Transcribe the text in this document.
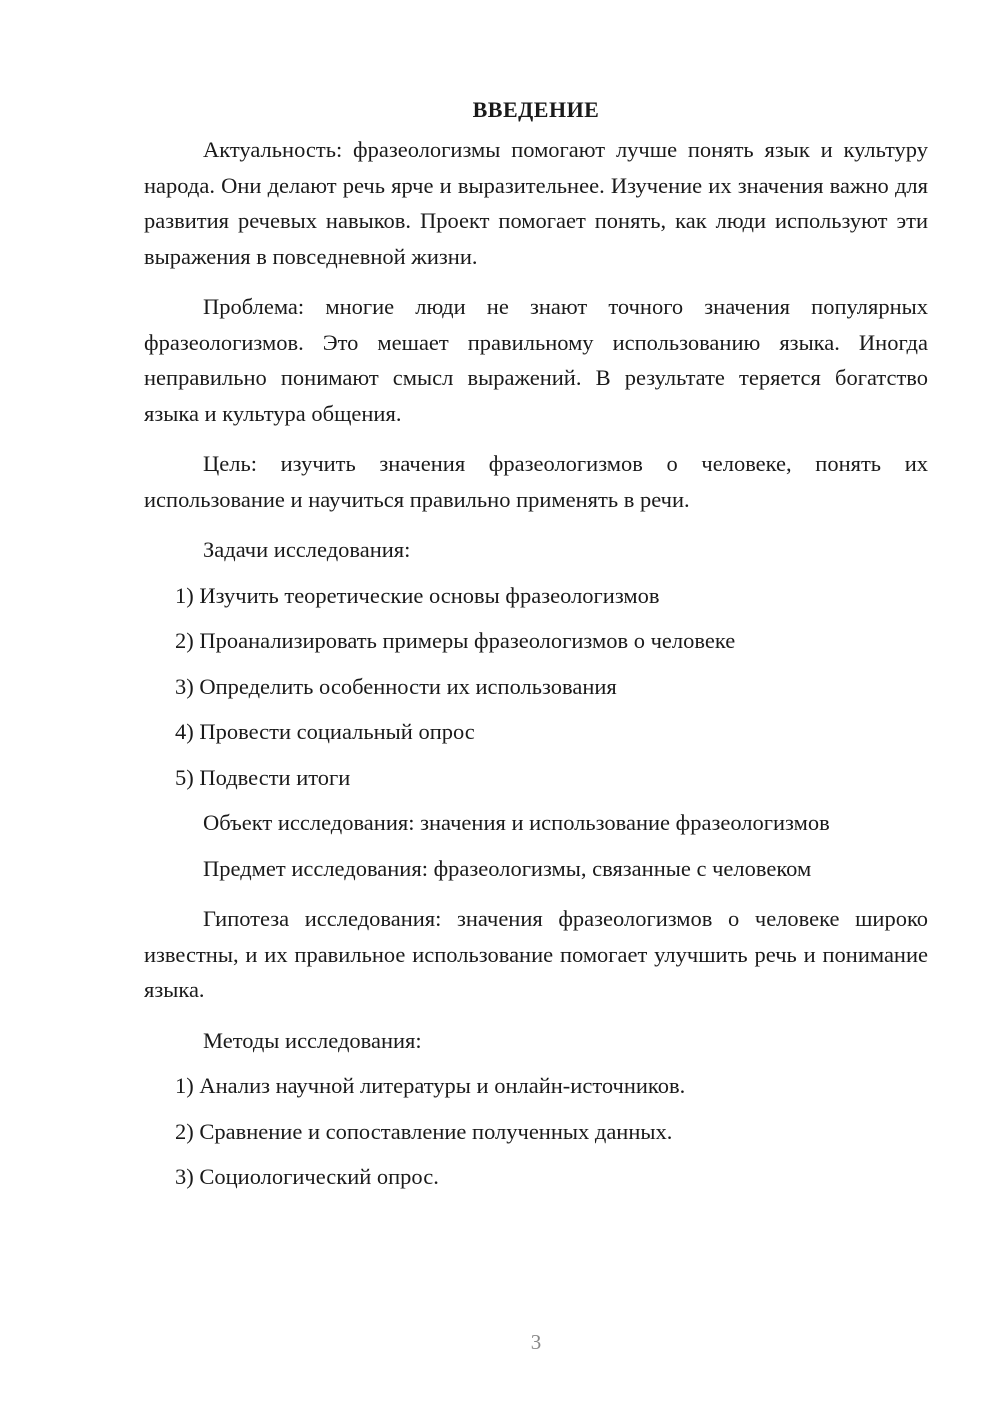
ВВЕДЕНИЕ

Актуальность: фразеологизмы помогают лучше понять язык и культуру народа. Они делают речь ярче и выразительнее. Изучение их значения важно для развития речевых навыков. Проект помогает понять, как люди используют эти выражения в повседневной жизни.

Проблема: многие люди не знают точного значения популярных фразеологизмов. Это мешает правильному использованию языка. Иногда неправильно понимают смысл выражений. В результате теряется богатство языка и культура общения.

Цель: изучить значения фразеологизмов о человеке, понять их использование и научиться правильно применять в речи.

Задачи исследования:

1) Изучить теоретические основы фразеологизмов

2) Проанализировать примеры фразеологизмов о человеке

3) Определить особенности их использования

4) Провести социальный опрос

5) Подвести итоги

Объект исследования: значения и использование фразеологизмов

Предмет исследования: фразеологизмы, связанные с человеком

Гипотеза исследования: значения фразеологизмов о человеке широко известны, и их правильное использование помогает улучшить речь и понимание языка.

Методы исследования:

1) Анализ научной литературы и онлайн-источников.

2) Сравнение и сопоставление полученных данных.

3) Социологический опрос.

3
